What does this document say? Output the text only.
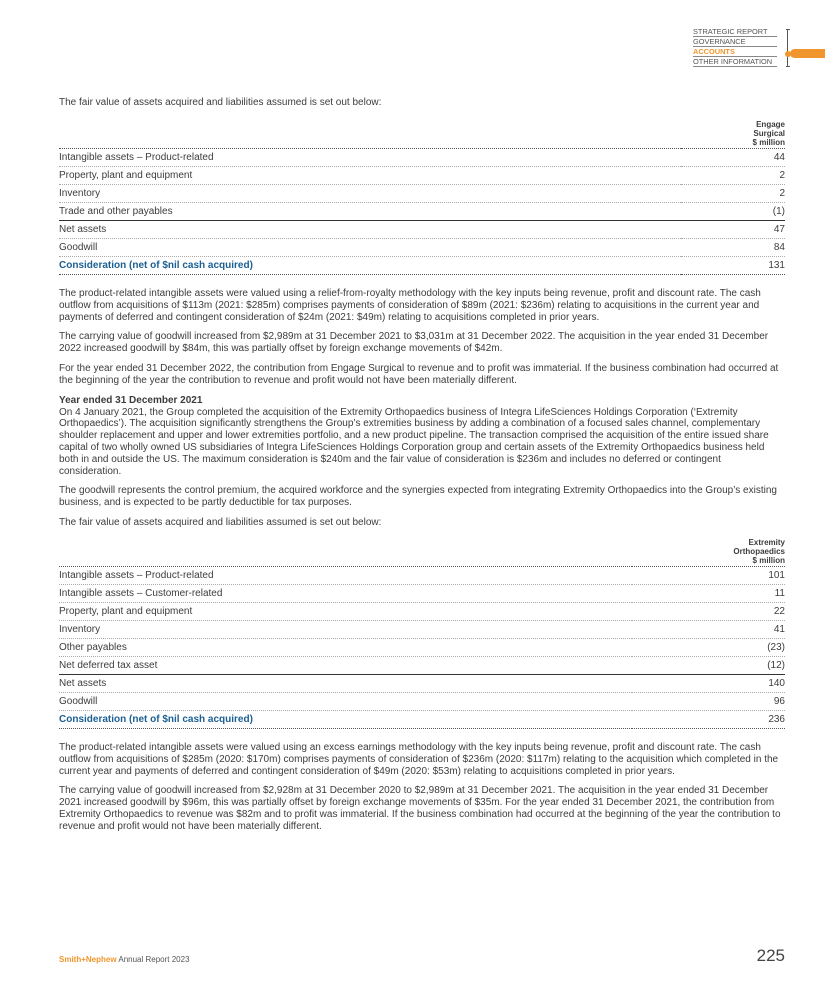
STRATEGIC REPORT
GOVERNANCE
ACCOUNTS
OTHER INFORMATION

The fair value of assets acquired and liabilities assumed is set out below:

	Engage
Surgical
$ million

Intangible assets – Product-related	44
Property, plant and equipment	2
Inventory	2
Trade and other payables	(1)
Net assets	47
Goodwill	84
Consideration (net of $nil cash acquired)	131

The product-related intangible assets were valued using a relief-from-royalty methodology with the key inputs being revenue, profit and discount rate. The cash outflow from acquisitions of $113m (2021: $285m) comprises payments of consideration of $89m (2021: $236m) relating to acquisitions in the current year and payments of deferred and contingent consideration of $24m (2021: $49m) relating to acquisitions completed in prior years.

The carrying value of goodwill increased from $2,989m at 31 December 2021 to $3,031m at 31 December 2022. The acquisition in the year ended 31 December 2022 increased goodwill by $84m, this was partially offset by foreign exchange movements of $42m.

For the year ended 31 December 2022, the contribution from Engage Surgical to revenue and to profit was immaterial. If the business combination had occurred at the beginning of the year the contribution to revenue and profit would not have been materially different.

Year ended 31 December 2021

On 4 January 2021, the Group completed the acquisition of the Extremity Orthopaedics business of Integra LifeSciences Holdings Corporation (‘Extremity Orthopaedics’). The acquisition significantly strengthens the Group’s extremities business by adding a combination of a focused sales channel, complementary shoulder replacement and upper and lower extremities portfolio, and a new product pipeline. The transaction comprised the acquisition of the entire issued share capital of two wholly owned US subsidiaries of Integra LifeSciences Holdings Corporation group and certain assets of the Extremity Orthopaedics business held both in and outside the US. The maximum consideration is $240m and the fair value of consideration is $236m and includes no deferred or contingent consideration.

The goodwill represents the control premium, the acquired workforce and the synergies expected from integrating Extremity Orthopaedics into the Group’s existing business, and is expected to be partly deductible for tax purposes.

The fair value of assets acquired and liabilities assumed is set out below:

	Extremity
Orthopaedics
$ million

Intangible assets – Product-related	101
Intangible assets – Customer-related	11
Property, plant and equipment	22
Inventory	41
Other payables	(23)
Net deferred tax asset	(12)
Net assets	140
Goodwill	96
Consideration (net of $nil cash acquired)	236

The product-related intangible assets were valued using an excess earnings methodology with the key inputs being revenue, profit and discount rate. The cash outflow from acquisitions of $285m (2020: $170m) comprises payments of consideration of $236m (2020: $117m) relating to the acquisition which completed in the current year and payments of deferred and contingent consideration of $49m (2020: $53m) relating to acquisitions completed in prior years.

The carrying value of goodwill increased from $2,928m at 31 December 2020 to $2,989m at 31 December 2021. The acquisition in the year ended 31 December 2021 increased goodwill by $96m, this was partially offset by foreign exchange movements of $35m. For the year ended 31 December 2021, the contribution from Extremity Orthopaedics to revenue was $82m and to profit was immaterial. If the business combination had occurred at the beginning of the year the contribution to revenue and profit would not have been materially different.

Smith+Nephew Annual Report 2023	225
